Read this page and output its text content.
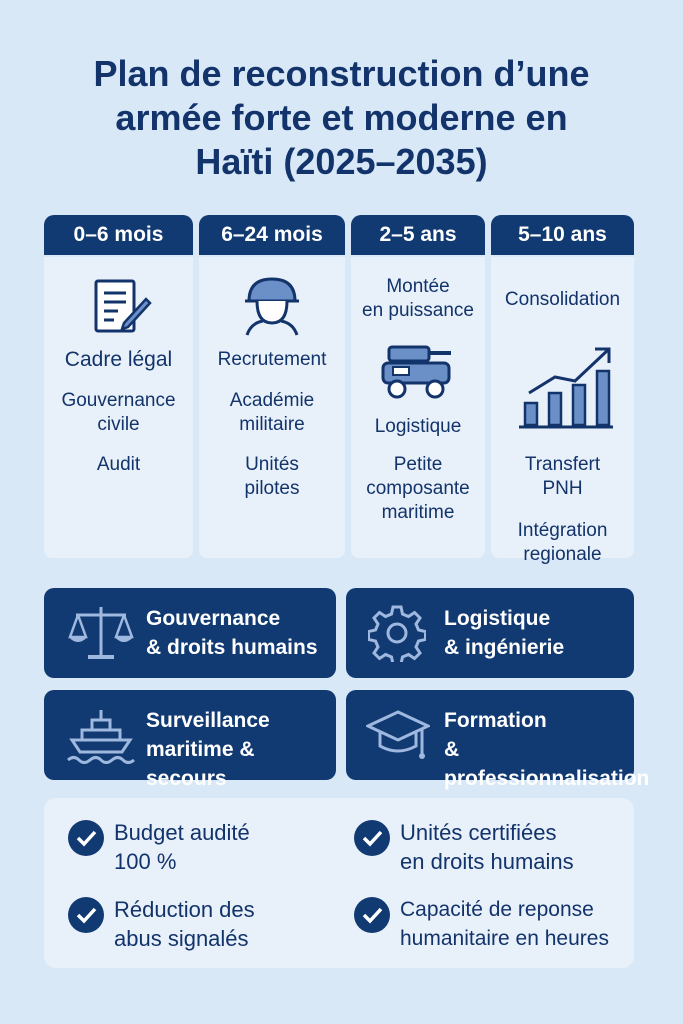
Plan de reconstruction d’une
armée forte et moderne en
Haïti (2025–2035)
0–6 mois
Cadre légal
Gouvernance
civile
Audit
6–24 mois
Recrutement
Académie
militaire
Unités
pilotes
2–5 ans
Montée
en puissance
Logistique
Petite
composante
maritime
5–10 ans
Consolidation
Transfert
PNH
Intégration
regionale
Gouvernance
& droits humains
Logistique
& ingénierie
Surveillance
maritime & secours
Formation
& professionnalisation
Budget audité
100 %
Unités certifiées
en droits humains
Réduction des
abus signalés
Capacité de reponse
humanitaire en heures
